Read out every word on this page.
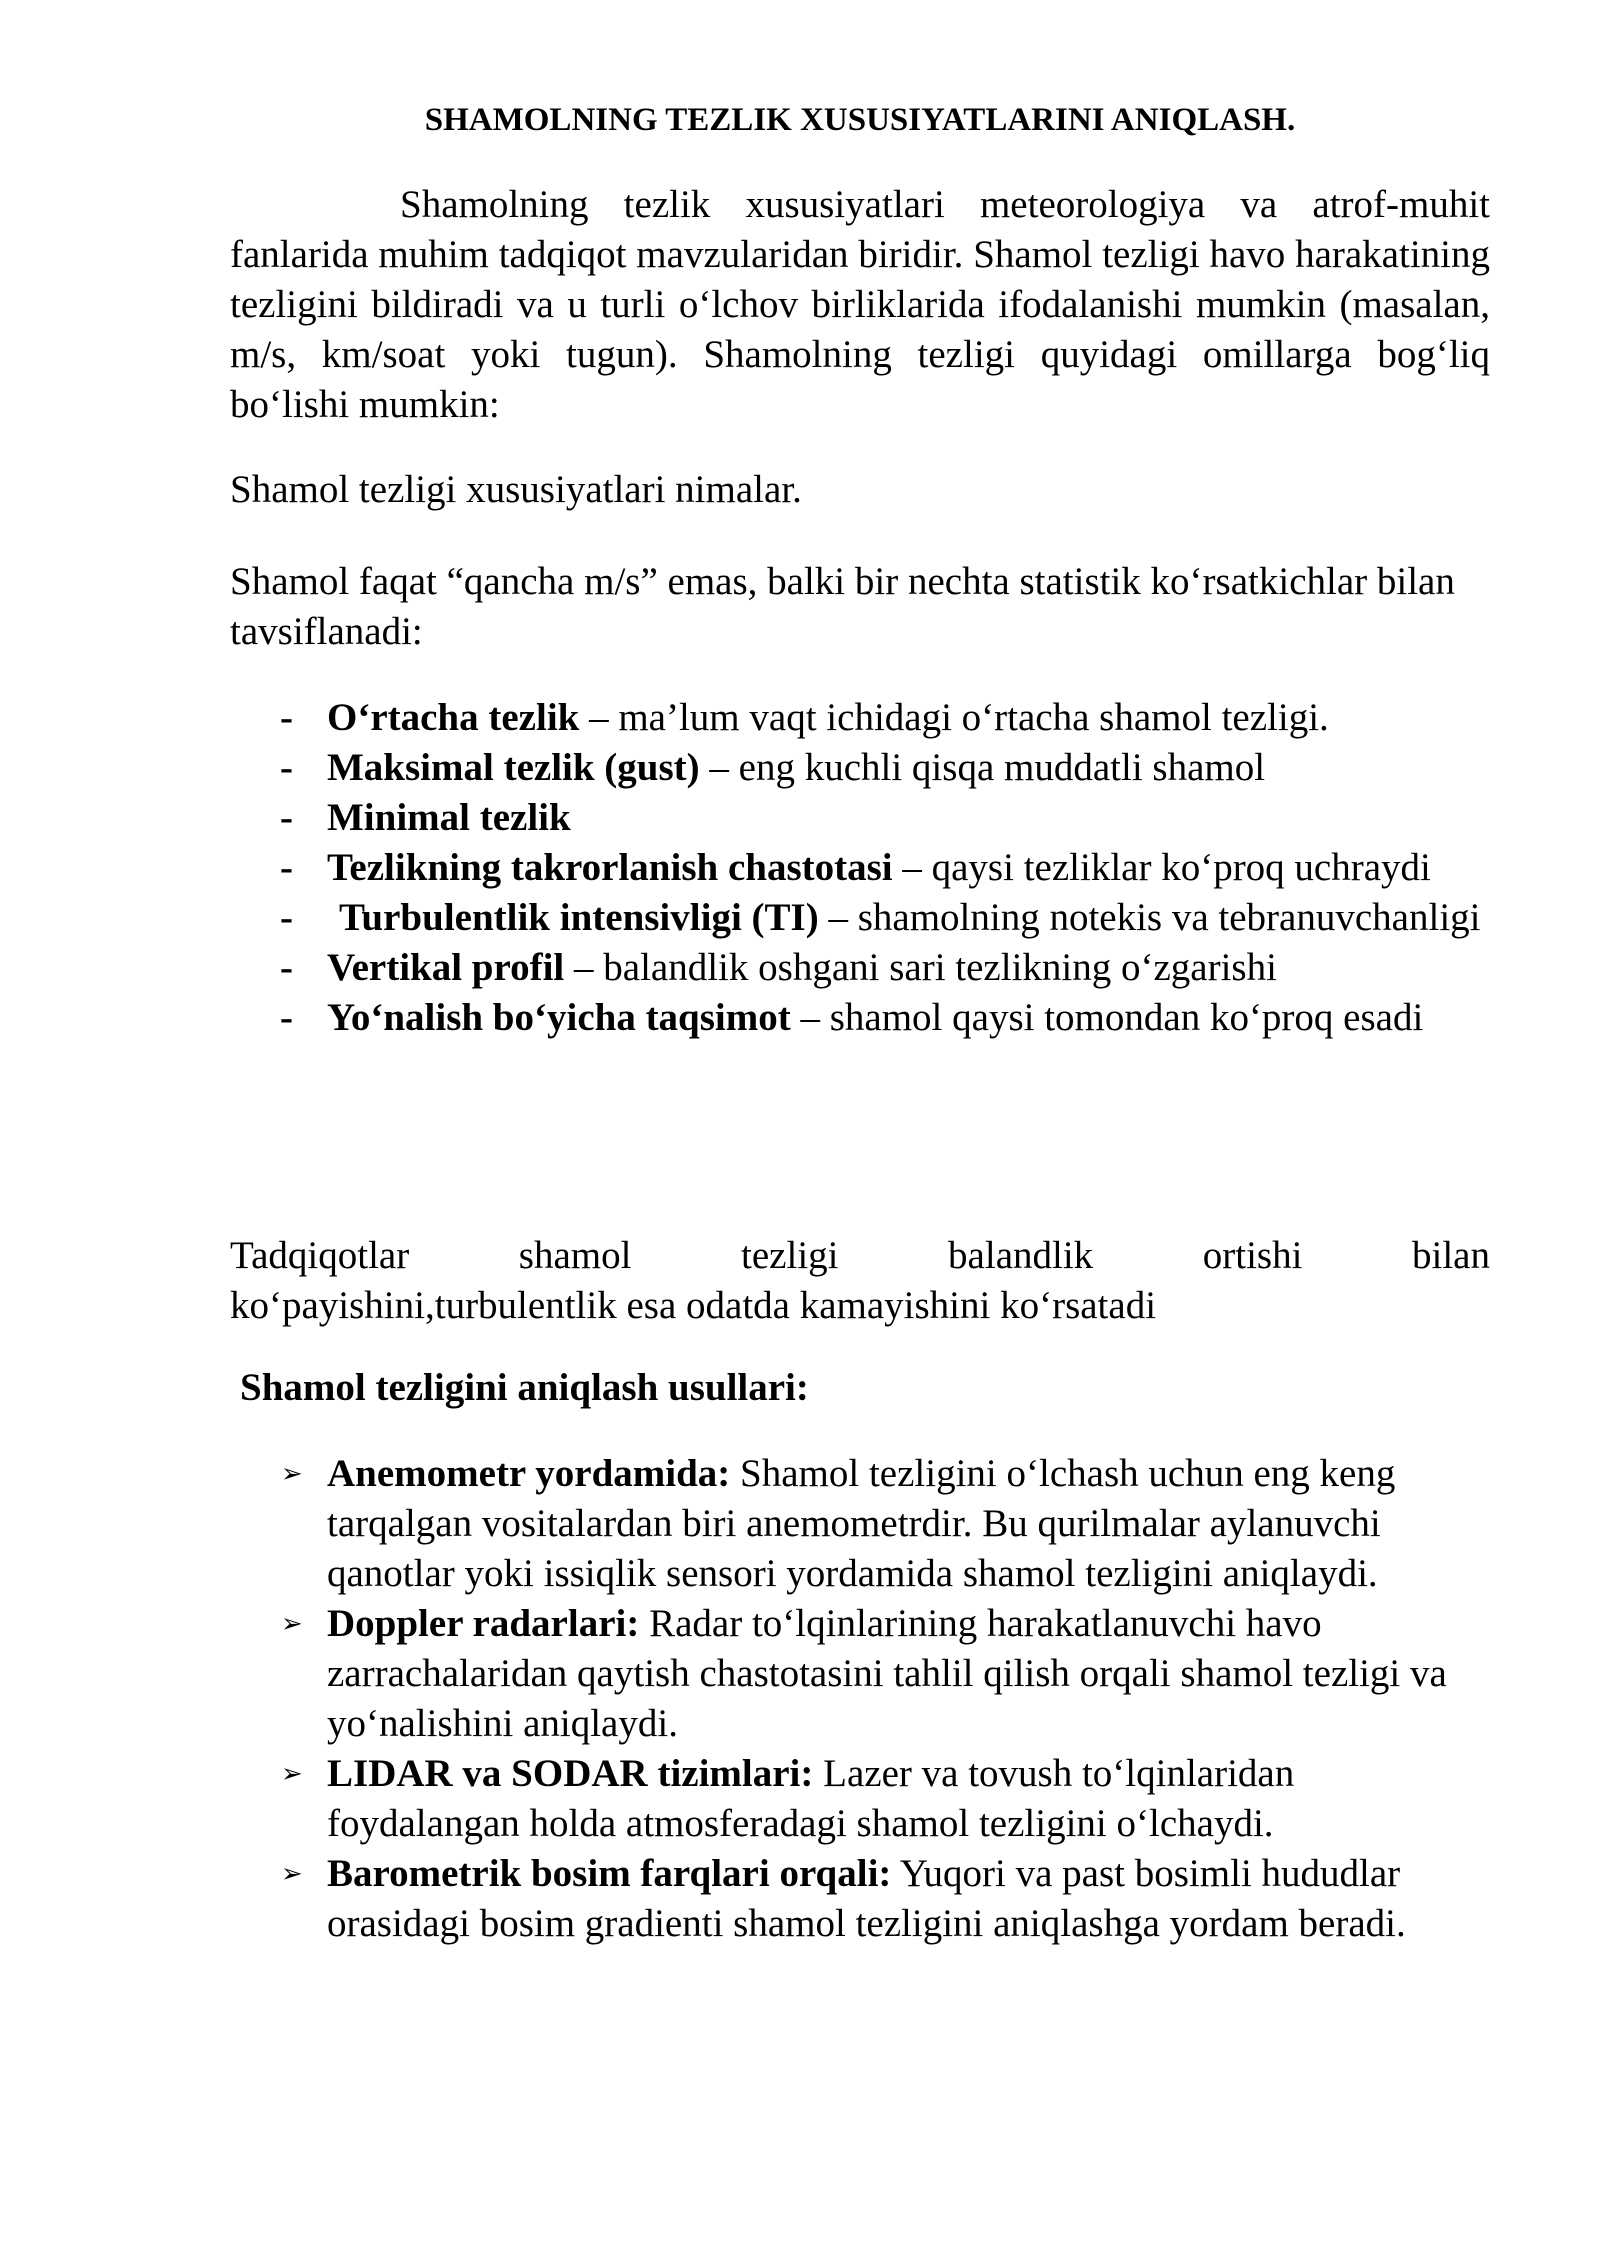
SHAMOLNING TEZLIK XUSUSIYATLARINI ANIQLASH.

Shamolning tezlik xususiyatlari meteorologiya va atrof-muhit fanlarida muhim tadqiqot mavzularidan biridir. Shamol tezligi havo harakatining tezligini bildiradi va u turli o‘lchov birliklarida ifodalanishi mumkin (masalan, m/s, km/soat yoki tugun). Shamolning tezligi quyidagi omillarga bog‘liq bo‘lishi mumkin:

Shamol tezligi xususiyatlari nimalar.

Shamol faqat “qancha m/s” emas, balki bir nechta statistik ko‘rsatkichlar bilan tavsiflanadi:

- O‘rtacha tezlik – ma’lum vaqt ichidagi o‘rtacha shamol tezligi.
- Maksimal tezlik (gust) – eng kuchli qisqa muddatli shamol
- Minimal tezlik
- Tezlikning takrorlanish chastotasi – qaysi tezliklar ko‘proq uchraydi
- Turbulentlik intensivligi (TI) – shamolning notekis va tebranuvchanligi
- Vertikal profil – balandlik oshgani sari tezlikning o‘zgarishi
- Yo‘nalish bo‘yicha taqsimot – shamol qaysi tomondan ko‘proq esadi

Tadqiqotlar shamol tezligi balandlik ortishi bilan

ko‘payishini,turbulentlik esa odatda kamayishini ko‘rsatadi

Shamol tezligini aniqlash usullari:
➢ Anemometr yordamida: Shamol tezligini o‘lchash uchun eng keng tarqalgan vositalardan biri anemometrdir. Bu qurilmalar aylanuvchi qanotlar yoki issiqlik sensori yordamida shamol tezligini aniqlaydi.
➢ Doppler radarlari: Radar to‘lqinlarining harakatlanuvchi havo zarrachalaridan qaytish chastotasini tahlil qilish orqali shamol tezligi va yo‘nalishini aniqlaydi.
➢ LIDAR va SODAR tizimlari: Lazer va tovush to‘lqinlaridan foydalangan holda atmosferadagi shamol tezligini o‘lchaydi.
➢ Barometrik bosim farqlari orqali: Yuqori va past bosimli hududlar orasidagi bosim gradienti shamol tezligini aniqlashga yordam beradi.
